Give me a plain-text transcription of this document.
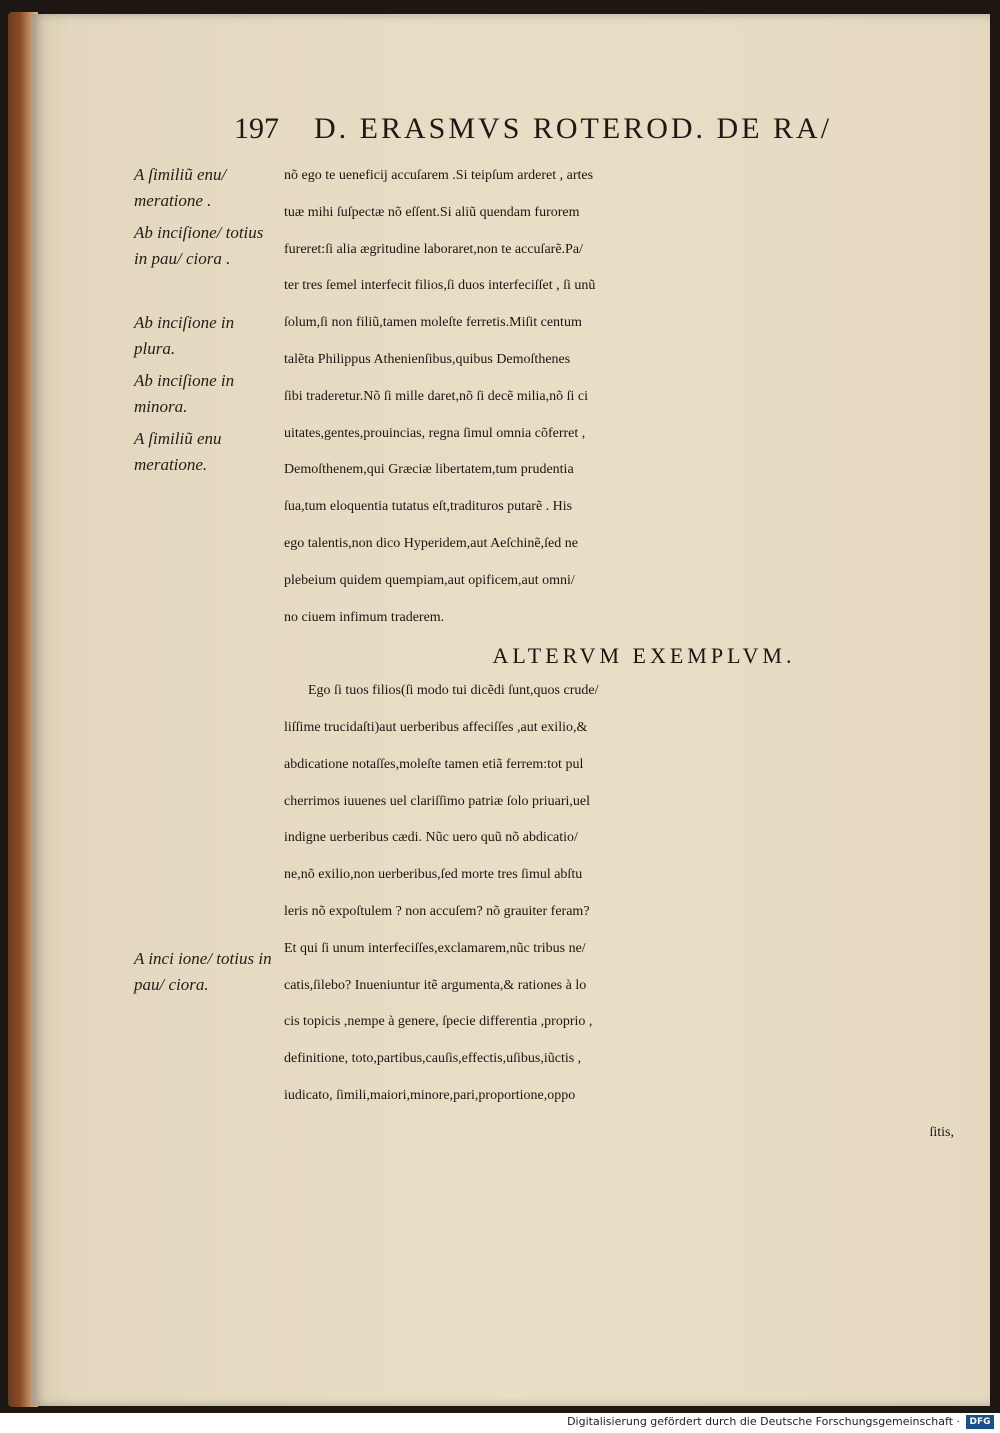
197	D. ERASMVS ROTEROD. DE RA/
A ſimiliũ enu/ meratione .
Ab inciſione/ totius in pau/ ciora .
Ab inciſione in plura.
Ab inciſione in minora.
A ſimiliũ enu meratione.
A inci ione/ totius in pau/ ciora.
nõ ego te ueneficij accuſarem .Si teipſum arderet , artes
tuæ mihi ſuſpectæ nõ eſſent.Si aliũ quendam furorem
fureret:ſi alia ægritudine laboraret,non te accuſarẽ.Pa/
ter tres ſemel interfecit filios,ſi duos interfeciſſet , ſi unũ
ſolum,ſi non filiũ,tamen moleſte ferretis.Miſit centum
talẽta Philippus Athenienſibus,quibus Demoſthenes
ſibi traderetur.Nõ ſi mille daret,nõ ſi decẽ milia,nõ ſi ci
uitates,gentes,prouincias, regna ſimul omnia cõferret ,
Demoſthenem,qui Græciæ libertatem,tum prudentia
ſua,tum eloquentia tutatus eſt,tradituros putarẽ . His
ego talentis,non dico Hyperidem,aut Aeſchinẽ,ſed ne
plebeium quidem quempiam,aut opificem,aut omni/
no ciuem infimum traderem.
ALTERVM EXEMPLVM.
Ego ſi tuos filios(ſi modo tui dicẽdi ſunt,quos crude/
liſſime trucidaſti)aut uerberibus affeciſſes ,aut exilio,&
abdicatione notaſſes,moleſte tamen etiã ferrem:tot pul
cherrimos iuuenes uel clariſſimo patriæ ſolo priuari,uel
indigne uerberibus cædi. Nũc uero quũ nõ abdicatio/
ne,nõ exilio,non uerberibus,ſed morte tres ſimul abſtu
leris nõ expoſtulem ? non accuſem? nõ grauiter feram?
Et qui ſi unum interfeciſſes,exclamarem,nũc tribus ne/
catis,ſilebo? Inueniuntur itẽ argumenta,& rationes à lo
cis topicis ,nempe à genere, ſpecie differentia ,proprio ,
definitione, toto,partibus,cauſis,effectis,uſibus,iũctis ,
iudicato, ſimili,maiori,minore,pari,proportione,oppo
ſitis,
Digitalisierung gefördert durch die Deutsche Forschungsgemeinschaft ·	DFG
